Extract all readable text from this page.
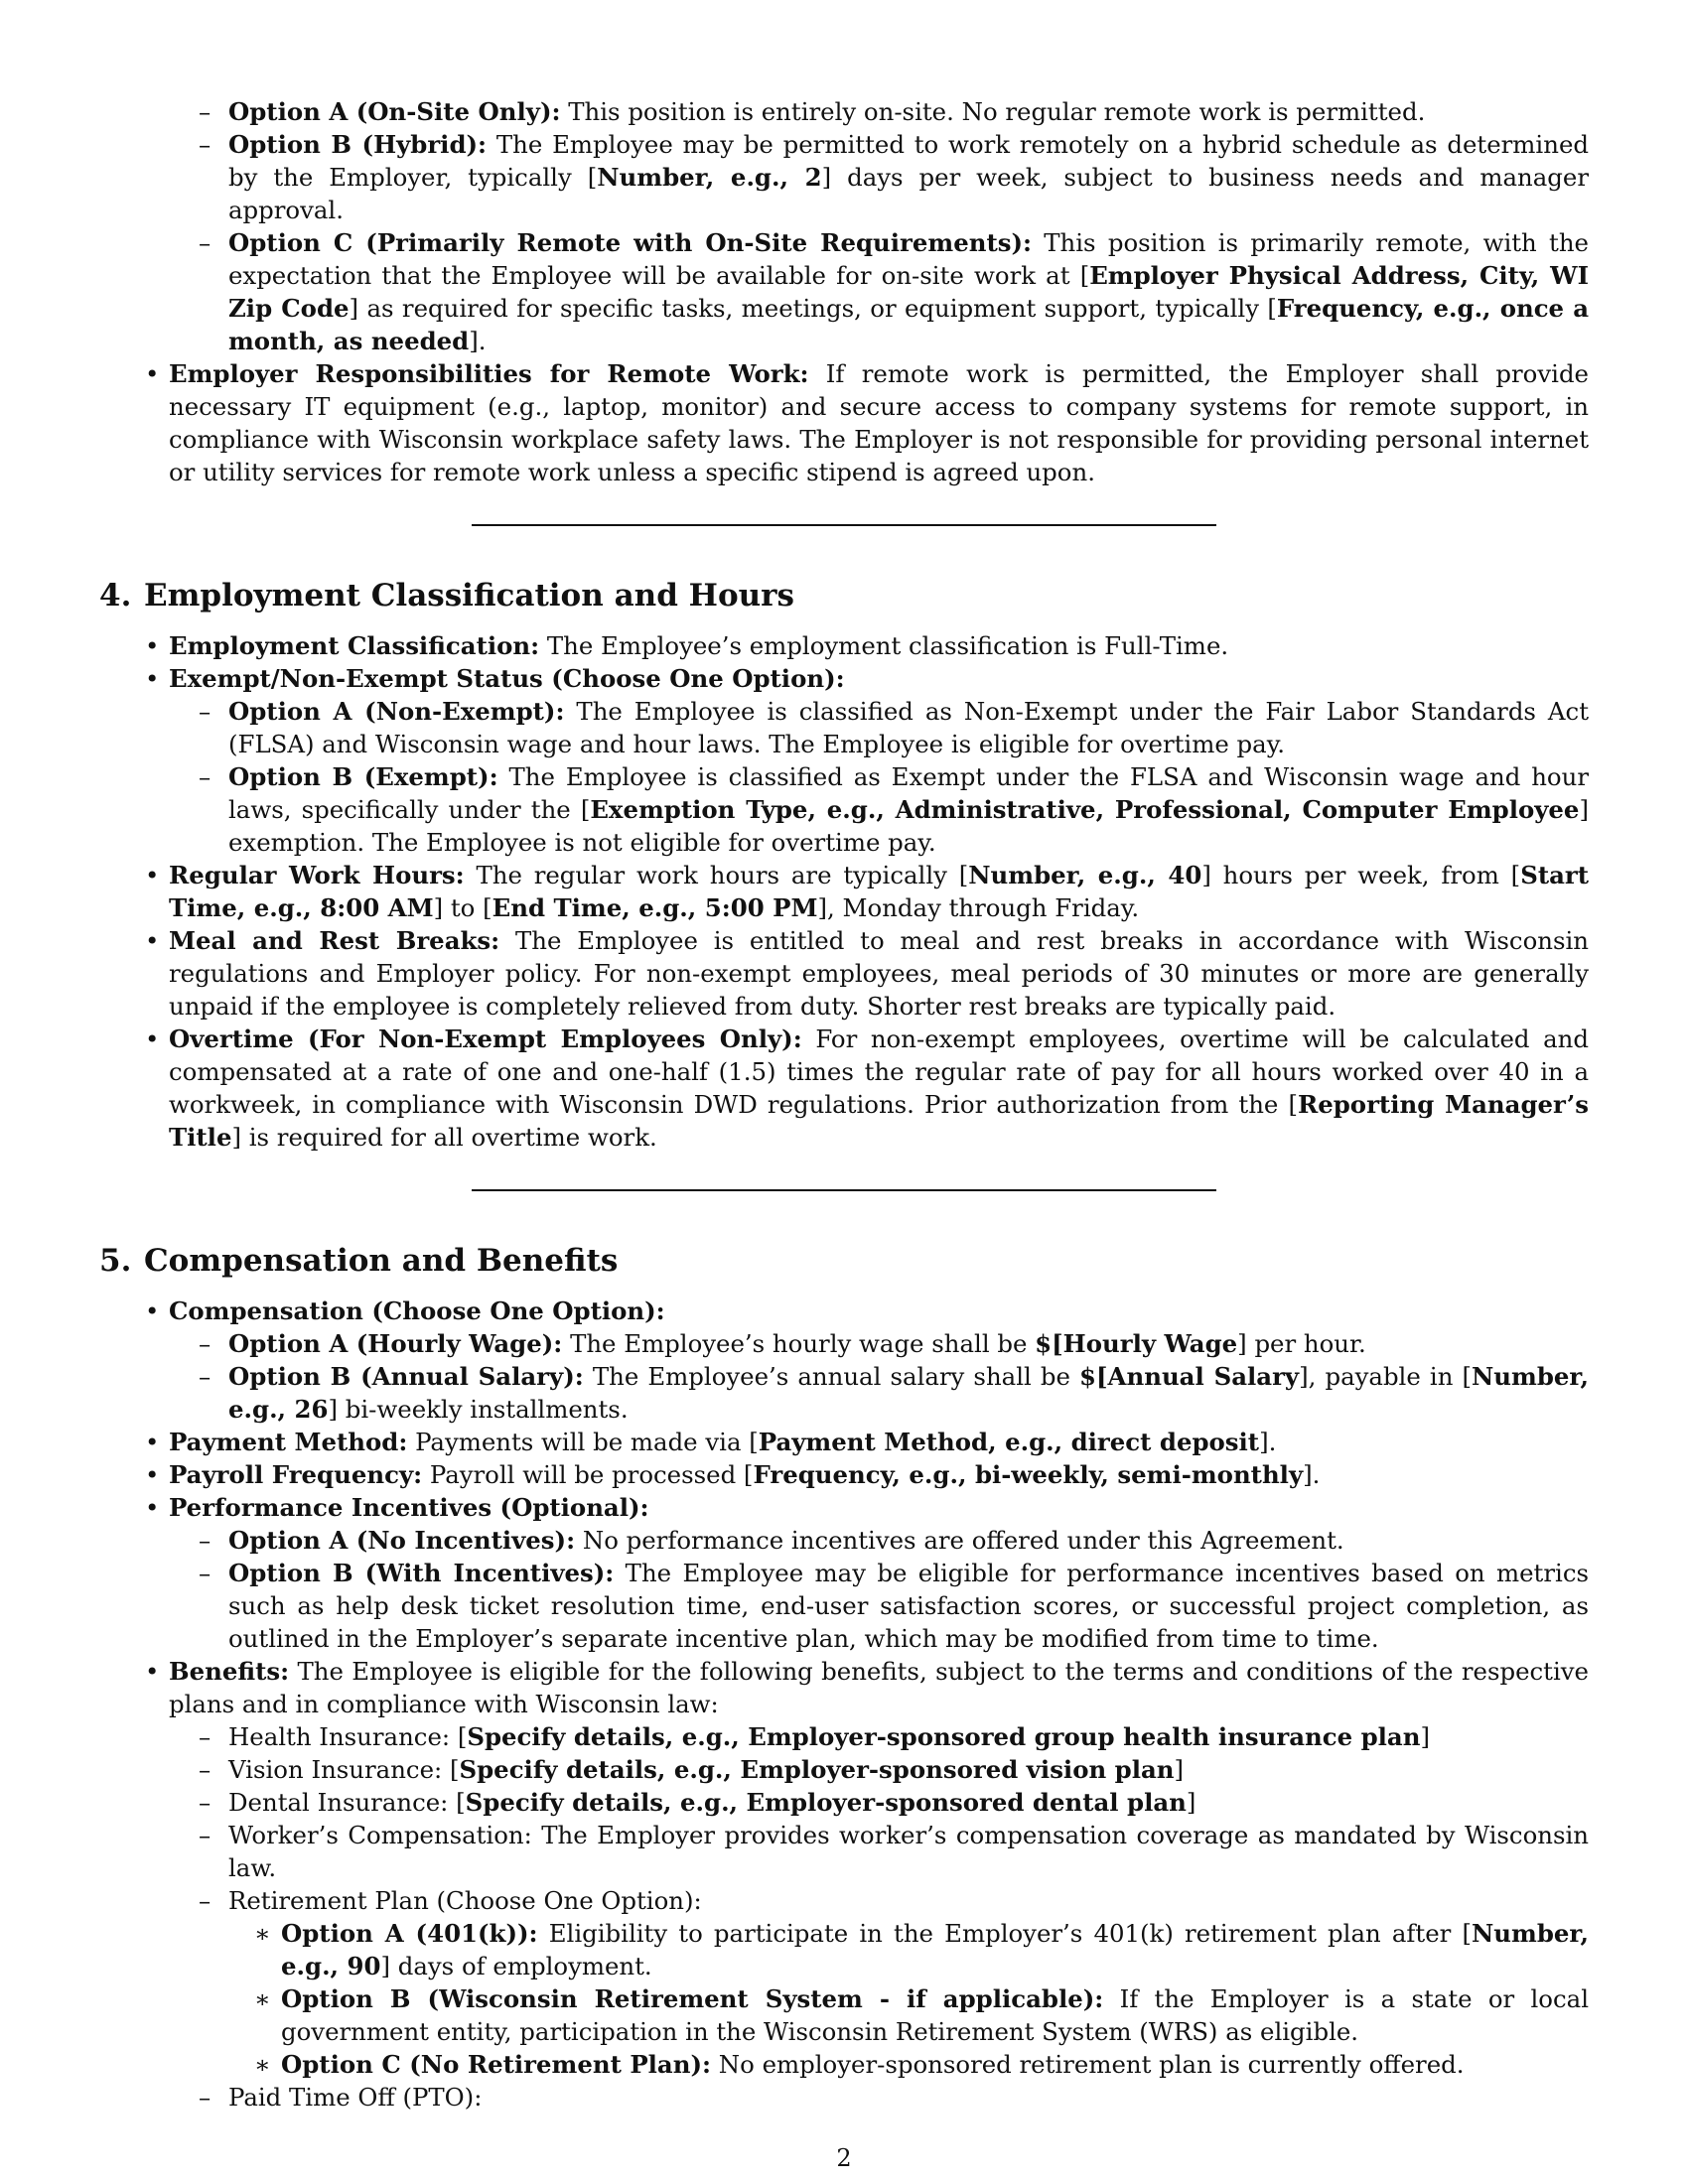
– Option A (On-Site Only): This position is entirely on-site. No regular remote work is permitted.
– Option B (Hybrid): The Employee may be permitted to work remotely on a hybrid schedule as determined by the Employer, typically [Number, e.g., 2] days per week, subject to business needs and manager approval.
– Option C (Primarily Remote with On-Site Requirements): This position is primarily remote, with the expectation that the Employee will be available for on-site work at [Employer Physical Address, City, WI Zip Code] as required for specific tasks, meetings, or equipment support, typically [Frequency, e.g., once a month, as needed].
• Employer Responsibilities for Remote Work: If remote work is permitted, the Employer shall provide necessary IT equipment (e.g., laptop, monitor) and secure access to company systems for remote support, in compliance with Wisconsin workplace safety laws. The Employer is not responsible for providing personal internet or utility services for remote work unless a specific stipend is agreed upon.
4. Employment Classification and Hours
• Employment Classification: The Employee’s employment classification is Full-Time.
• Exempt/Non-Exempt Status (Choose One Option):
– Option A (Non-Exempt): The Employee is classified as Non-Exempt under the Fair Labor Standards Act (FLSA) and Wisconsin wage and hour laws. The Employee is eligible for overtime pay.
– Option B (Exempt): The Employee is classified as Exempt under the FLSA and Wisconsin wage and hour laws, specifically under the [Exemption Type, e.g., Administrative, Professional, Computer Employee] exemption. The Employee is not eligible for overtime pay.
• Regular Work Hours: The regular work hours are typically [Number, e.g., 40] hours per week, from [Start Time, e.g., 8:00 AM] to [End Time, e.g., 5:00 PM], Monday through Friday.
• Meal and Rest Breaks: The Employee is entitled to meal and rest breaks in accordance with Wisconsin regulations and Employer policy. For non-exempt employees, meal periods of 30 minutes or more are generally unpaid if the employee is completely relieved from duty. Shorter rest breaks are typically paid.
• Overtime (For Non-Exempt Employees Only): For non-exempt employees, overtime will be calculated and compensated at a rate of one and one-half (1.5) times the regular rate of pay for all hours worked over 40 in a workweek, in compliance with Wisconsin DWD regulations. Prior authorization from the [Reporting Manager’s Title] is required for all overtime work.
5. Compensation and Benefits
• Compensation (Choose One Option):
– Option A (Hourly Wage): The Employee’s hourly wage shall be $[Hourly Wage] per hour.
– Option B (Annual Salary): The Employee’s annual salary shall be $[Annual Salary], payable in [Number, e.g., 26] bi-weekly installments.
• Payment Method: Payments will be made via [Payment Method, e.g., direct deposit].
• Payroll Frequency: Payroll will be processed [Frequency, e.g., bi-weekly, semi-monthly].
• Performance Incentives (Optional):
– Option A (No Incentives): No performance incentives are offered under this Agreement.
– Option B (With Incentives): The Employee may be eligible for performance incentives based on metrics such as help desk ticket resolution time, end-user satisfaction scores, or successful project completion, as outlined in the Employer’s separate incentive plan, which may be modified from time to time.
• Benefits: The Employee is eligible for the following benefits, subject to the terms and conditions of the respective plans and in compliance with Wisconsin law:
– Health Insurance: [Specify details, e.g., Employer-sponsored group health insurance plan]
– Vision Insurance: [Specify details, e.g., Employer-sponsored vision plan]
– Dental Insurance: [Specify details, e.g., Employer-sponsored dental plan]
– Worker’s Compensation: The Employer provides worker’s compensation coverage as mandated by Wisconsin law.
– Retirement Plan (Choose One Option):
∗ Option A (401(k)): Eligibility to participate in the Employer’s 401(k) retirement plan after [Number, e.g., 90] days of employment.
∗ Option B (Wisconsin Retirement System - if applicable): If the Employer is a state or local government entity, participation in the Wisconsin Retirement System (WRS) as eligible.
∗ Option C (No Retirement Plan): No employer-sponsored retirement plan is currently offered.
– Paid Time Off (PTO):
2
